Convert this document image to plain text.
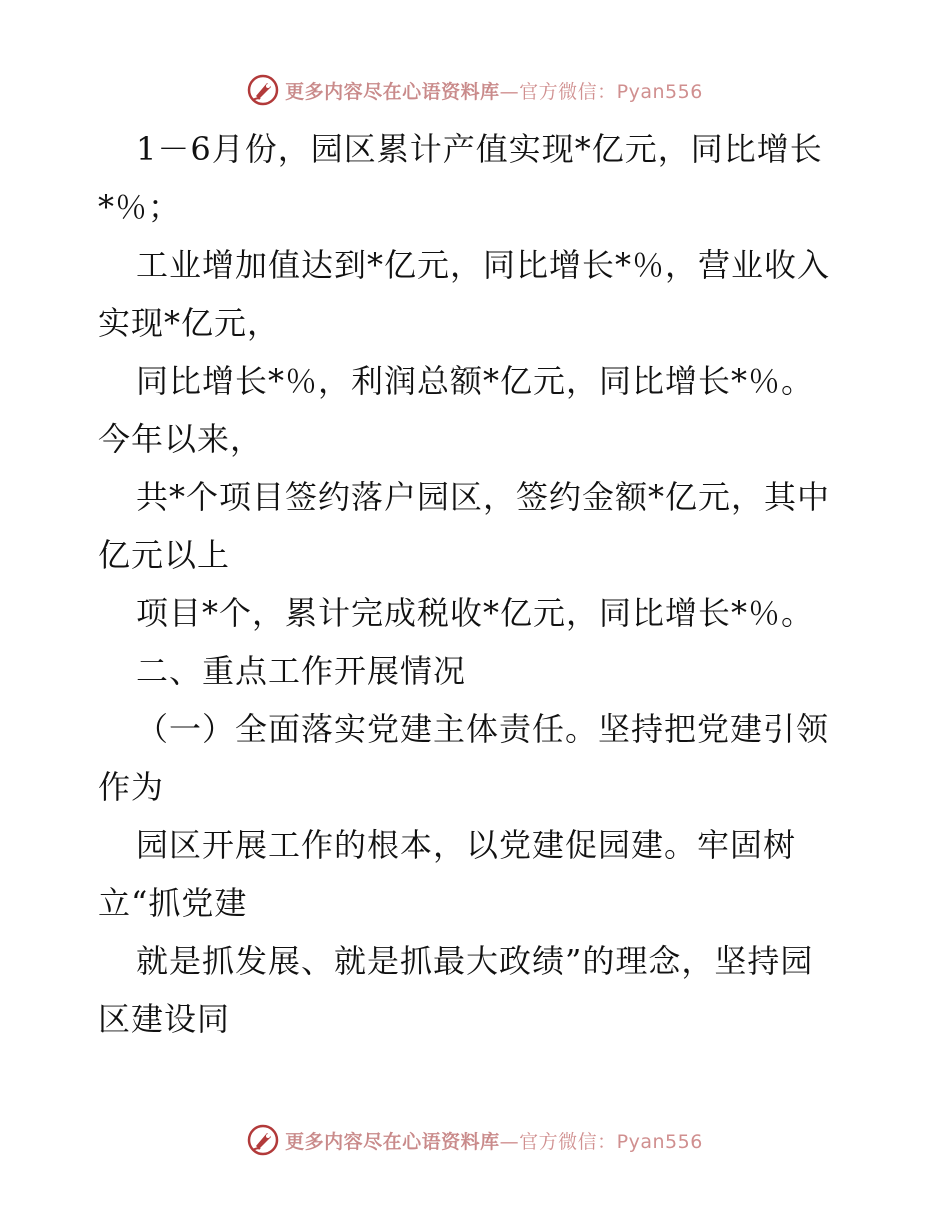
更多内容尽在心语资料库—官方微信：Pyan556
1－6月份，园区累计产值实现*亿元，同比增长
*％；
工业增加值达到*亿元，同比增长*％，营业收入
实现*亿元，
同比增长*％，利润总额*亿元，同比增长*％。
今年以来，
共*个项目签约落户园区，签约金额*亿元，其中
亿元以上
项目*个，累计完成税收*亿元，同比增长*％。
二、重点工作开展情况
（一）全面落实党建主体责任。坚持把党建引领
作为
园区开展工作的根本，以党建促园建。牢固树
立“抓党建
就是抓发展、就是抓最大政绩”的理念，坚持园
区建设同
更多内容尽在心语资料库—官方微信：Pyan556
